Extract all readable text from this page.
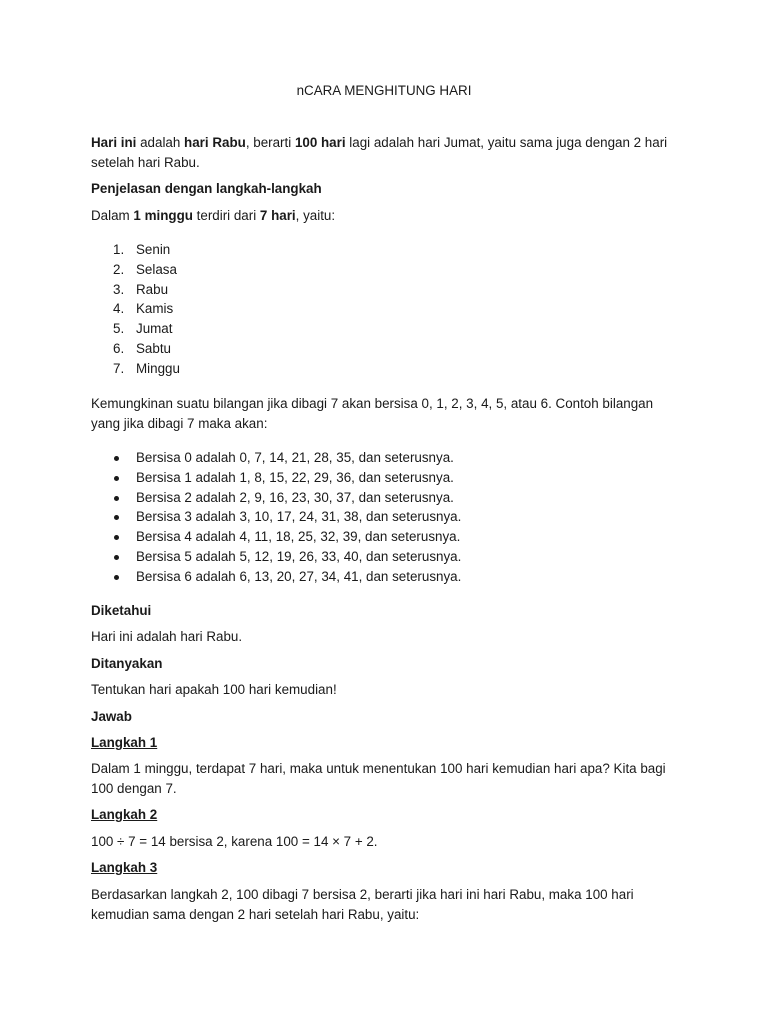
nCARA MENGHITUNG HARI

Hari ini adalah hari Rabu, berarti 100 hari lagi adalah hari Jumat, yaitu sama juga dengan 2 hari setelah hari Rabu.

Penjelasan dengan langkah-langkah

Dalam 1 minggu terdiri dari 7 hari, yaitu:

1. Senin
2. Selasa
3. Rabu
4. Kamis
5. Jumat
6. Sabtu
7. Minggu

Kemungkinan suatu bilangan jika dibagi 7 akan bersisa 0, 1, 2, 3, 4, 5, atau 6. Contoh bilangan yang jika dibagi 7 maka akan:

Bersisa 0 adalah 0, 7, 14, 21, 28, 35, dan seterusnya.
Bersisa 1 adalah 1, 8, 15, 22, 29, 36, dan seterusnya.
Bersisa 2 adalah 2, 9, 16, 23, 30, 37, dan seterusnya.
Bersisa 3 adalah 3, 10, 17, 24, 31, 38, dan seterusnya.
Bersisa 4 adalah 4, 11, 18, 25, 32, 39, dan seterusnya.
Bersisa 5 adalah 5, 12, 19, 26, 33, 40, dan seterusnya.
Bersisa 6 adalah 6, 13, 20, 27, 34, 41, dan seterusnya.

Diketahui

Hari ini adalah hari Rabu.

Ditanyakan

Tentukan hari apakah 100 hari kemudian!

Jawab

Langkah 1

Dalam 1 minggu, terdapat 7 hari, maka untuk menentukan 100 hari kemudian hari apa? Kita bagi 100 dengan 7.

Langkah 2

100 ÷ 7 = 14 bersisa 2, karena 100 = 14 × 7 + 2.

Langkah 3

Berdasarkan langkah 2, 100 dibagi 7 bersisa 2, berarti jika hari ini hari Rabu, maka 100 hari kemudian sama dengan 2 hari setelah hari Rabu, yaitu:
